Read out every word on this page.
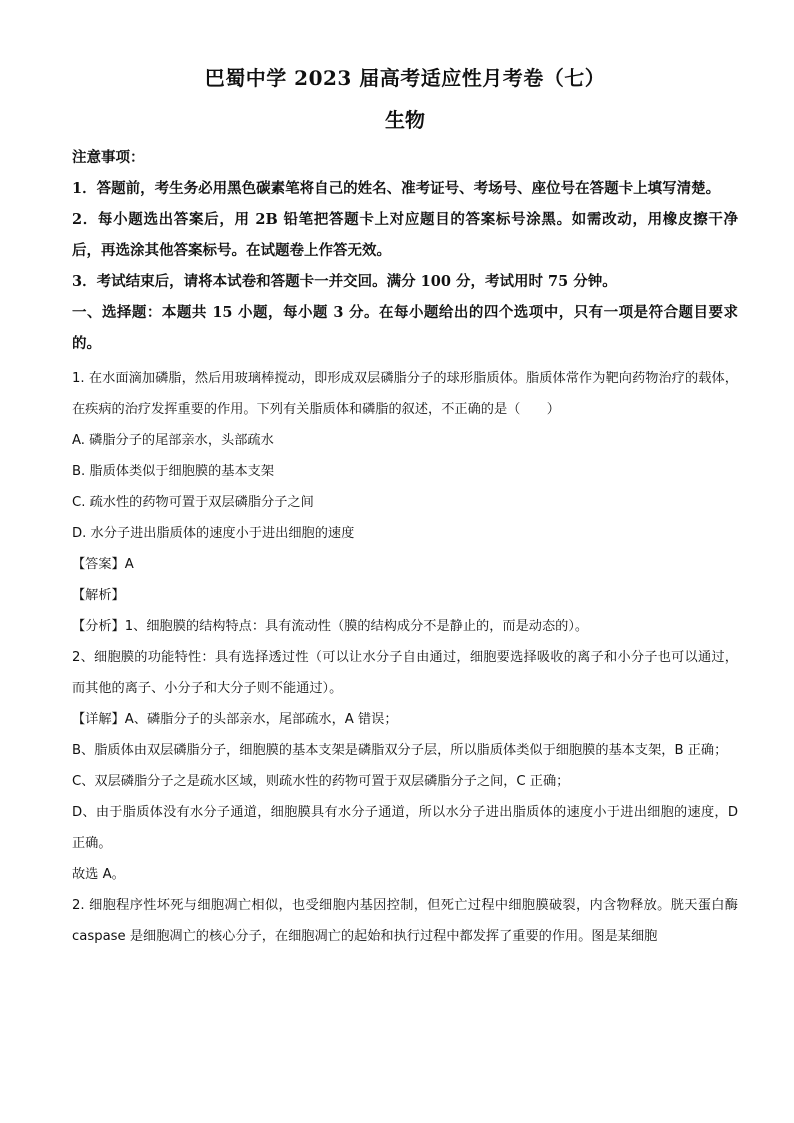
巴蜀中学 2023 届高考适应性月考卷（七）
生物

注意事项：

1．答题前，考生务必用黑色碳素笔将自己的姓名、准考证号、考场号、座位号在答题卡上填写清楚。

2．每小题选出答案后，用 2B 铅笔把答题卡上对应题目的答案标号涂黑。如需改动，用橡皮擦干净后，再选涂其他答案标号。在试题卷上作答无效。

3．考试结束后，请将本试卷和答题卡一并交回。满分 100 分，考试用时 75 分钟。

一、选择题：本题共 15 小题，每小题 3 分。在每小题给出的四个选项中，只有一项是符合题目要求的。

1. 在水面滴加磷脂，然后用玻璃棒搅动，即形成双层磷脂分子的球形脂质体。脂质体常作为靶向药物治疗的载体，在疾病的治疗发挥重要的作用。下列有关脂质体和磷脂的叙述，不正确的是（　　）

A. 磷脂分子的尾部亲水，头部疏水

B. 脂质体类似于细胞膜的基本支架

C. 疏水性的药物可置于双层磷脂分子之间

D. 水分子进出脂质体的速度小于进出细胞的速度

【答案】A

【解析】

【分析】1、细胞膜的结构特点：具有流动性（膜的结构成分不是静止的，而是动态的）。

2、细胞膜的功能特性：具有选择透过性（可以让水分子自由通过，细胞要选择吸收的离子和小分子也可以通过，而其他的离子、小分子和大分子则不能通过）。

【详解】A、磷脂分子的头部亲水，尾部疏水，A 错误；

B、脂质体由双层磷脂分子，细胞膜的基本支架是磷脂双分子层，所以脂质体类似于细胞膜的基本支架，B 正确；

C、双层磷脂分子之是疏水区域，则疏水性的药物可置于双层磷脂分子之间，C 正确；

D、由于脂质体没有水分子通道，细胞膜具有水分子通道，所以水分子进出脂质体的速度小于进出细胞的速度，D 正确。

故选 A。

2. 细胞程序性坏死与细胞凋亡相似，也受细胞内基因控制，但死亡过程中细胞膜破裂，内含物释放。胱天蛋白酶 caspase 是细胞凋亡的核心分子，在细胞凋亡的起始和执行过程中都发挥了重要的作用。图是某细胞
